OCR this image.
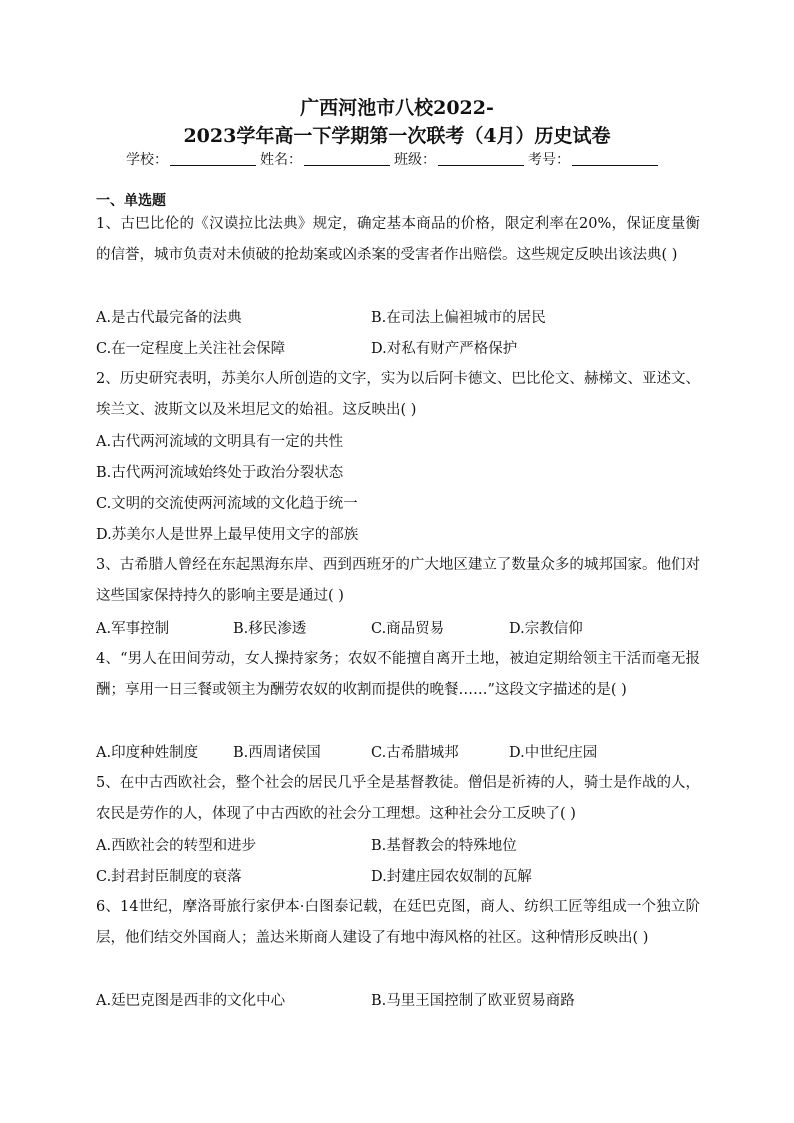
广西河池市八校2022-
2023学年高一下学期第一次联考（4月）历史试卷
学校：	姓名：	班级：	考号：
一、单选题
1、古巴比伦的《汉谟拉比法典》规定，确定基本商品的价格，限定利率在20%，保证度量衡的信誉，城市负责对未侦破的抢劫案或凶杀案的受害者作出赔偿。这些规定反映出该法典( )
A.是古代最完备的法典	B.在司法上偏袒城市的居民
C.在一定程度上关注社会保障	D.对私有财产严格保护
2、历史研究表明，苏美尔人所创造的文字，实为以后阿卡德文、巴比伦文、赫梯文、亚述文、埃兰文、波斯文以及米坦尼文的始祖。这反映出( )
A.古代两河流域的文明具有一定的共性
B.古代两河流域始终处于政治分裂状态
C.文明的交流使两河流域的文化趋于统一
D.苏美尔人是世界上最早使用文字的部族
3、古希腊人曾经在东起黑海东岸、西到西班牙的广大地区建立了数量众多的城邦国家。他们对这些国家保持持久的影响主要是通过( )
A.军事控制	B.移民渗透	C.商品贸易	D.宗教信仰
4、“男人在田间劳动，女人操持家务；农奴不能擅自离开土地，被迫定期给领主干活而毫无报酬；享用一日三餐或领主为酬劳农奴的收割而提供的晚餐……”这段文字描述的是( )
A.印度种姓制度 B.西周诸侯国	C.古希腊城邦	D.中世纪庄园
5、在中古西欧社会，整个社会的居民几乎全是基督教徒。僧侣是祈祷的人，骑士是作战的人，农民是劳作的人，体现了中古西欧的社会分工理想。这种社会分工反映了( )
A.西欧社会的转型和进步	B.基督教会的特殊地位
C.封君封臣制度的衰落	D.封建庄园农奴制的瓦解
6、14世纪，摩洛哥旅行家伊本·白图泰记载，在廷巴克图，商人、纺织工匠等组成一个独立阶层，他们结交外国商人；盖达米斯商人建设了有地中海风格的社区。这种情形反映出( )
A.廷巴克图是西非的文化中心	B.马里王国控制了欧亚贸易商路
